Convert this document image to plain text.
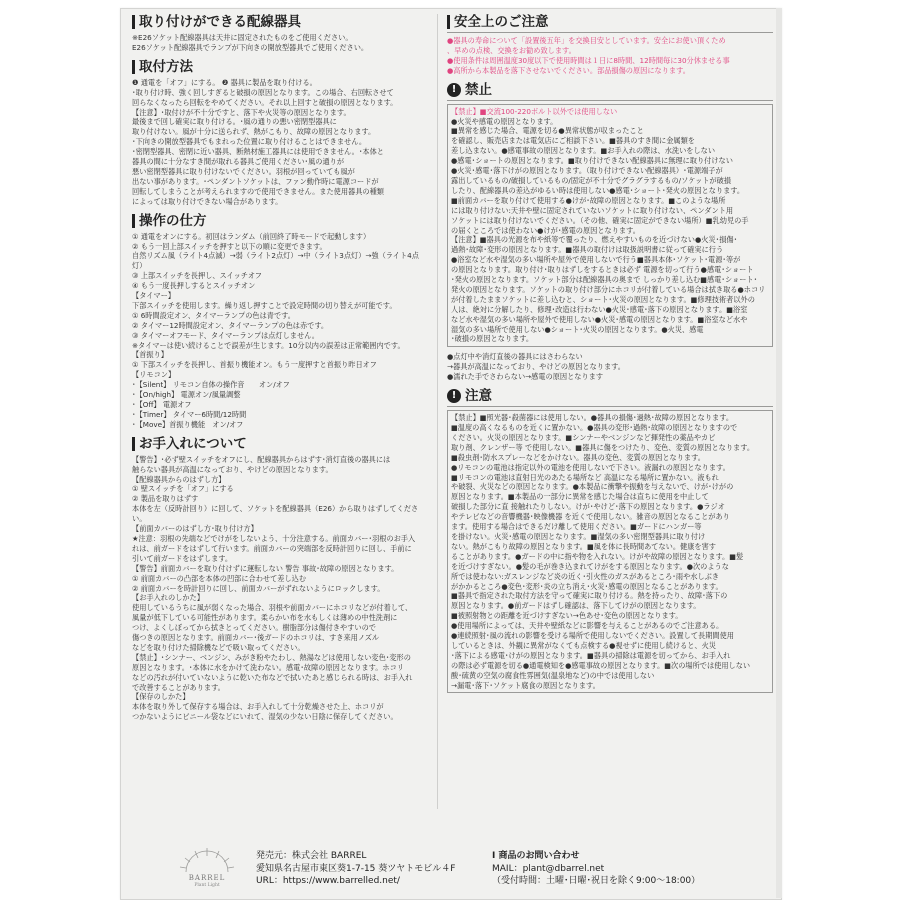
取り付けができる配線器具

※E26ソケット配線器具は天井に固定されたものをご使用ください。
E26ソケット配線器具でランプが下向きの開放型器具でご使用ください。

取付方法

❶ 通電を「オフ」にする。 ❷ 器具に製品を取り付ける。
･取り付け時、強く回しすぎると破損の原因となります。この場合、右回転させて
回らなくなったら回転をやめてください。それ以上回すと破損の原因となります。
【注意】･取付けが不十分ですと、落下や火災等の原因となります。
最後まで回し確実に取り付ける。･風の通りの悪い密閉型器具に
取り付けない。風が十分に送られず、熱がこもり、故障の原因となります。
･下向きの開放型器具でもまれった位置に取り付けることはできません。
･密閉型器具、密閉に近い器具、断熱材施工器具には使用できません。･本体と
器具の間に十分なすき間が取れる器具ご使用ください･風の通りが
悪い密閉型器具に取り付けないでください。羽根が回っていても風が
出ない事があります。･ペンダントソケットは、ファン動作時に電源コードが
回転してしまうことが考えられますので使用できません。また使用器具の種類
によっては取り付けできない場合があります。

操作の仕方

① 通電をオンにする。初回はランダム（前回終了時モードで起動します）
② もう一回上部スイッチを押すと以下の順に変更できます。
自然リズム風（ライト4点滅）→弱（ライト2点灯）→中（ライト3点灯）→強（ライト4点灯）
③ 上部スイッチを長押し、スイッチオフ
④ もう一度長押しするとスイッチオン
【タイマー】
下部スイッチを使用します。繰り返し押すことで設定時間の切り替えが可能です。
① 6時間設定オン、タイマーランプの色は青です。
② タイマー12時間設定オン、タイマーランプの色は赤です。
③ タイマーオフモード、タイマーランプは点灯しません。
※タイマーは使い続けることで誤差が生じます。10分以内の誤差は正常範囲内です。
【首振り】
① 下部スイッチを長押し、首振り機能オン。もう一度押すと首振り昨日オフ
【リモコン】
･【Silent】 リモコン自体の操作音　　オン/オフ
･【On/high】 電源オン/風量調整
･【Off】 電源オフ
･【Timer】 タイマー6時間/12時間
･【Move】首振り機能　オン/オフ

お手入れについて

【警告】･必ず壁スイッチをオフにし、配線器具からはずす･消灯直後の器具には
触らない器具が高温になっており、やけどの原因となります。
【配線器具からのはずし方】
① 壁スイッチを「オフ」にする
② 製品を取りはずす
本体を左（反時計回り）に回して、ソケットを配線器具（E26）から取りはずしてください。
【前面カバーのはずし方･取り付け方】
★注意：羽根の先端などでけがをしないよう、十分注意する。前面カバー･羽根のお手入
れは、前ガードをはずして行います。前面カバーの突端部を反時計回りに回し、手前に
引いて前ガードをはずします。
【警告】前面カバーを取り付けずに運転しない 警告 事故･故障の原因となります。
① 前面カバーの凸部を本体の凹部に合わせて差し込む
② 前面カバーを時計回りに回し、前面カバーがずれないようにロックします。
【お手入れのしかた】
使用しているうちに風が弱くなった場合、羽根や前面カバーにホコリなどが付着して、
風量が低下している可能性があります。柔らかい布を水もしくは薄めの中性洗剤に
つけ、よくしぼってから拭きとってください。樹脂部分は傷付きやすいので
傷つきの原因となります。前面カバー･後ガードのホコリは、すき来用ノズル
などを取り付けた掃除機などで吸い取ってください。
【禁止】･シンナー、ベンジン、みがき粉やたわし、熱湯などは使用しない変色･変形の
原因となります。･本体に水をかけて洗わない。感電･故障の原因となります。ホコリ
などの汚れが付いていないように乾いた布などで拭いたあと感じられる時は、お手入れ
で改善することがあります。
【保存のしかた】
本体を取り外して保存する場合は、お手入れして十分乾燥させた上、ホコリが
つかないようにビニール袋などにいれて、湿気の少ない日陰に保存してください。

安全上のご注意

●器具の寿命について「設置後五年」を交換目安としています。安全にお使い頂くため
、早めの点検、交換をお勧め致します。
●使用条件は周囲温度30度以下で使用時間は１日に8時間、12時間毎に30分休ませる事
●高所から本製品を落下させないでください。部品損傷の原因になります。

! 禁止

【禁止】■交流100-220ボルト以外では使用しない

●火災や感電の原因となります。
■異常を感じた場合、電源を切る●異常状態が収まったこと
を確認し、販売店または電気店にご相談下さい。■器具のすき間に金属類を
差し込まない。●感電事故の原因となります。■お手入れの際は、水洗いをしない
●感電･ショートの原因となります。■取り付けできない配線器具に無理に取り付けない
●火災･感電･落下けがの原因となります。（取り付けできない配線器具）･電源端子が
露出しているもの/破損しているもの/固定が不十分でグラグラするもの/ソケットが破損
したり、配線器具の差込がゆるい時は使用しない●感電･ショート･発火の原因となります。
■前面カバーを取り付けて使用する●けが･故障の原因となります。■このような場所
には取り付けない:天井や壁に固定されていないソケットに取り付けない、ペンダント用
ソケットには取り付けないでください。（その他、確実に固定ができない場所）■乳幼児の手
の届くところでは使わない●けが･感電の原因となります。
【注意】■器具の光源を布や紙等で覆ったり、燃えやすいものを近づけない●火災･損傷･
過熱･故障･変形の原因となります。■器具の取付けは取扱説明書に従って確実に行う
●浴室など水や湿気の多い場所や屋外で使用しないで行う■器具本体･ソケット･電源･等が
の原因となります。取り付け･取りはずしをするときは必ず 電源を切って行う●感電･ショート
･発火の原因となります。ソケット部分は配線器具の奥まで しっかり差し込む■感電･ショート･
発火の原因となります。ソケットの取り付け部分にホコリが付着している場合は拭き取る●ホコリ
が付着したままソケットに差し込むと、ショート･火災の原因となります。■修理技術者以外の
人は、絶対に分解したり、修理･改造は行わない●火災･感電･落下の原因となります。■浴室
など水や湿気の多い場所や屋外で使用しない●火災･感電の原因となります。■浴室など水や
湿気の多い場所で使用しない●ショート･火災の原因となります。●火災、感電
･破損の原因となります。

●点灯中や消灯直後の器具にはさわらない
→器具が高温になっており、やけどの原因となります。
●濡れた手でさわらない→感電の原因となります

! 注意

【禁止】■照光器･殺菌器には使用しない。●器具の損傷･過熱･故障の原因となります。
■温度の高くなるものを近くに置かない。●器具の変形･過熱･故障の原因となりますので
ください。火災の原因となります。■シンナーやベンジンなど揮発性の薬品やカビ
取り剤、クレンザー等 で使用しない。■器具に傷をつけたり、変色、変質の原因となります。
■殺虫剤･防水スプレーなどをかけない。器具の変色、変質の原因となります。
●リモコンの電池は指定以外の電池を使用しないで下さい。液漏れの原因となります。
■リモコンの電池は直射日光のあたる場所など 高温になる場所に置かない。液もれ
や破裂、火災などの原因となります。●本製品に衝撃や振動を与えないで、けが･けがの
原因となります。■本製品の一部分に異常を感じた場合は直ちに使用を中止して
破損した部分に直 接触れたりしない。けが･やけど･落下の原因となります。●ラジオ
やテレビなどの音響機器･映像機器 を近くで使用しない。雑音の原因となることがあり
ます。使用する場合はできるだけ離して使用ください。■ガードにハンガー等
を掛けない。火災･感電の原因となります。■湿気の多い密閉型器具に取り付け
ない。熱がこもり故障の原因となります。■風を体に長時間あてない。健康を害す
ることがあります。●ガードの中に指や物を入れない。けがや故障の原因となります。■髪
を近づけすぎない。●髪の毛が巻き込まれてけがをする原因となります。●次のような
所では使わない:ガスレンジなど炎の近く･引火性のガスがあるところ･雨や水しぶき
がかかるところ●変色･変形･炎の立ち消え･火災･感電の原因となることがあります。
■器具で指定された取付方法を守って確実に取り付ける。熱を持ったり、故障･落下の
原因となります。●前ガードはずし確認は、落下してけがの原因となります。
■被照射物との距離を近づけすぎない→色あせ･変色の原因となります。
●使用場所によっては、天井や壁紙などに影響を与えることがあるのでご注意ある。
●連続照射･風の流れの影響を受ける場所で使用しないでください。設置して長期間使用
しているときは、外観に異常がなくても点検する●視せずに使用し続けると、火災
･落下による感電･けがの原因となります。■器具の掃除は電源を切ってから、お手入れ
の際は必ず電源を切る●通電検知を●感電事故の原因となります。■次の場所では使用しない
酸･硫黄の空気の腐食性雰囲気(温泉地など)の中では使用しない
→漏電･落下･ソケット腐食の原因となります。

BARREL
Plant Light
発売元：株式会社 BARREL
愛知県名古屋市東区葵1-7-15 葵ツヤトモビル４F
URL：https://www.barrelled.net/
I 商品のお問い合わせ
MAIL：plant@dbarrel.net
（受付時間：土曜･日曜･祝日を除く9:00～18:00）
